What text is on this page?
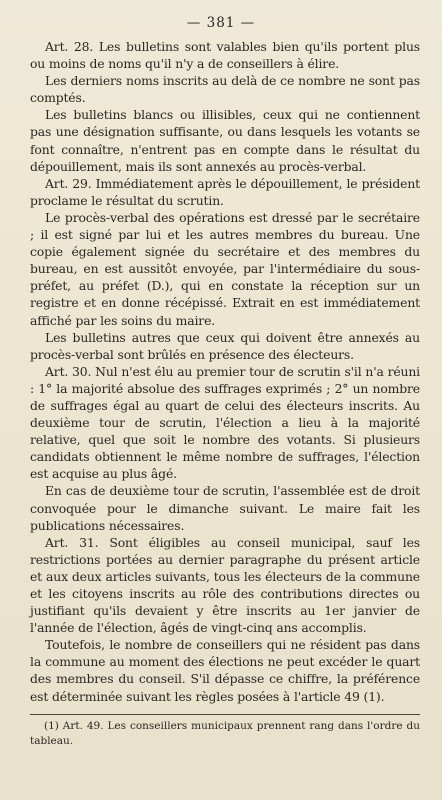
— 381 —

Art. 28. Les bulletins sont valables bien qu'ils portent plus ou moins de noms qu'il n'y a de conseillers à élire.

Les derniers noms inscrits au delà de ce nombre ne sont pas comptés.

Les bulletins blancs ou illisibles, ceux qui ne contiennent pas une désignation suffisante, ou dans lesquels les votants se font connaître, n'entrent pas en compte dans le résultat du dépouillement, mais ils sont annexés au procès-verbal.

Art. 29. Immédiatement après le dépouillement, le président proclame le résultat du scrutin.

Le procès-verbal des opérations est dressé par le secrétaire ; il est signé par lui et les autres membres du bureau. Une copie également signée du secrétaire et des membres du bureau, en est aussitôt envoyée, par l'intermédiaire du sous-préfet, au préfet (D.), qui en constate la réception sur un registre et en donne récépissé. Extrait en est immédiatement affiché par les soins du maire.

Les bulletins autres que ceux qui doivent être annexés au procès-verbal sont brûlés en présence des électeurs.

Art. 30. Nul n'est élu au premier tour de scrutin s'il n'a réuni : 1° la majorité absolue des suffrages exprimés ; 2° un nombre de suffrages égal au quart de celui des électeurs inscrits. Au deuxième tour de scrutin, l'élection a lieu à la majorité relative, quel que soit le nombre des votants. Si plusieurs candidats obtiennent le même nombre de suffrages, l'élection est acquise au plus âgé.

En cas de deuxième tour de scrutin, l'assemblée est de droit convoquée pour le dimanche suivant. Le maire fait les publications nécessaires.

Art. 31. Sont éligibles au conseil municipal, sauf les restrictions portées au dernier paragraphe du présent article et aux deux articles suivants, tous les électeurs de la commune et les citoyens inscrits au rôle des contributions directes ou justifiant qu'ils devaient y être inscrits au 1er janvier de l'année de l'élection, âgés de vingt-cinq ans accomplis.

Toutefois, le nombre de conseillers qui ne résident pas dans la commune au moment des élections ne peut excéder le quart des membres du conseil. S'il dépasse ce chiffre, la préférence est déterminée suivant les règles posées à l'article 49 (1).

(1) Art. 49. Les conseillers municipaux prennent rang dans l'ordre du tableau.
